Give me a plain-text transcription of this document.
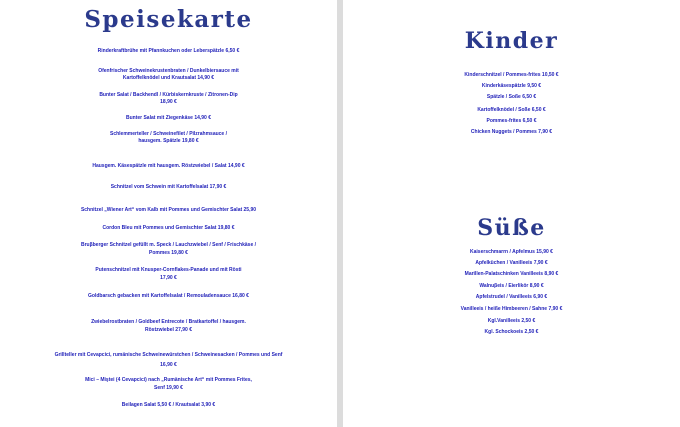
Speisekarte

Rinderkraftbrühe mit Pfannkuchen oder Leberspätzle 6,50 €

Ofenfrischer Schweinekrustenbraten / Dunkelbiersauce mit

Kartoffelknödel und Krautsalat 14,90 €

Bunter Salat / Backhendl / Kürbiskernkruste / Zitronen-Dip

18,90 €

Bunter Salat mit Ziegenkäse 14,90 €

Schlemmerteller / Schweinefilet / Pilzrahmsauce /

hausgem. Spätzle 19,80 €

Hausgem. Käsespätzle mit hausgem. Röstzwiebel / Salat 14,90 €

Schnitzel vom Schwein mit Kartoffelsalat 17,90 €

Schnitzel „Wiener Art“ vom Kalb mit Pommes und Gemischter Salat 25,90

Cordon Bleu mit Pommes und Gemischter Salat 19,80 €

Bruβberger Schnitzel gefüllt m. Speck / Lauchzwiebel / Senf / Frischkäse /

Pommes 19,80 €

Putenschnitzel mit Knusper-Cornflakes-Panade und mit Rösti

17,90 €

Goldbarsch gebacken mit Kartoffelsalat / Remouladensauce 16,80 €

Zwiebelrostbraten / Goldbeef Entrecote / Bratkartoffel / hausgem.

Röstzwiebel 27,90 €

Grillteller mit Cevapcici, rumänische Schweinewürstchen / Schweinesacken / Pommes und Senf

16,90 €

Mici – Miştei (4 Cevapcici) nach „Rumänische Art“ mit Pommes Frites,

Senf 19,90 €

Beilagen Salat 5,50 € / Krautsalat 3,90 €

Kinder

Kinderschnitzel / Pommes-frites 10,50 €

Kinderkäsespätzle 9,50 €

Spätzle / Soße 6,50 €

Kartoffelknödel / Soße 6,50 €

Pommes-frites 6,50 €

Chicken Nuggets / Pommes 7,90 €

Süße

Kaiserschmarrn / Apfelmus 15,90 €

Apfelküchen / Vanilleeis 7,90 €

Marillen-Palatschinken Vanilleeis 8,90 €

Walnuβeis / Eierlikör 8,90 €

Apfelstrudel / Vanilleeis 6,90 €

Vanilleeis / heiße Himbeeren / Sahne 7,90 €

Kgl.Vanilleeis 2,50 €

Kgl. Schockoeis 2,50 €
